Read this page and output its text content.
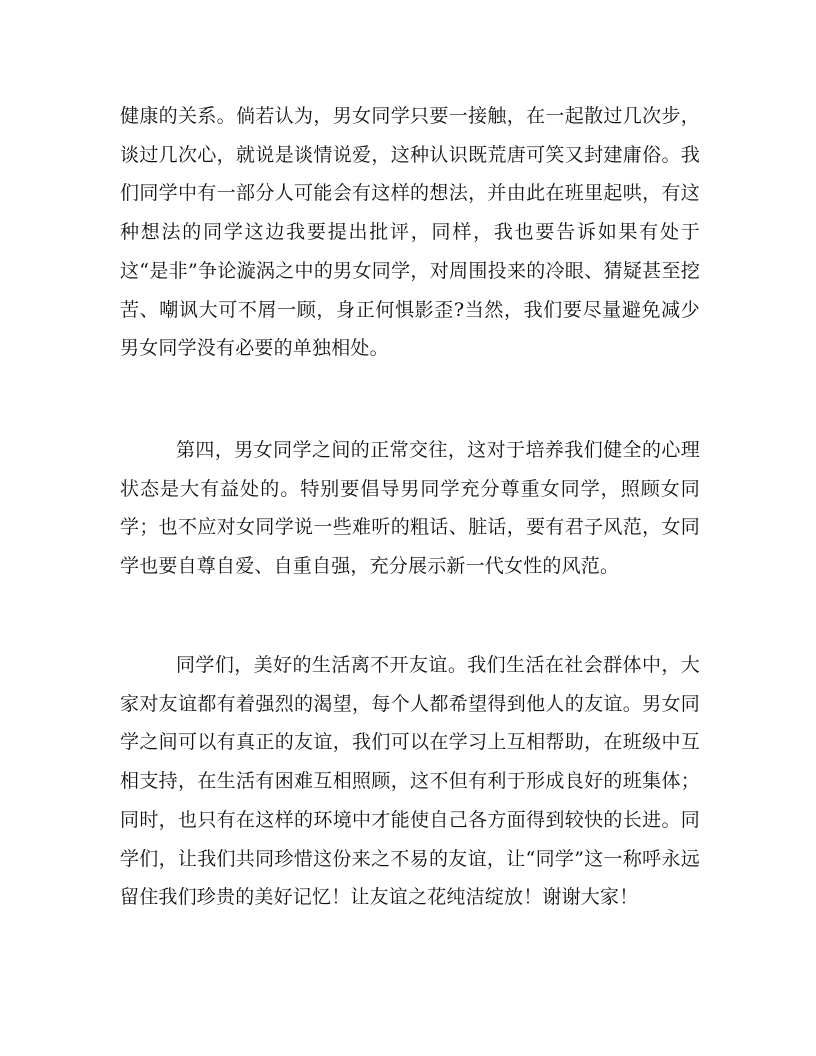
健康的关系。倘若认为，男女同学只要一接触，在一起散过几次步，谈过几次心，就说是谈情说爱，这种认识既荒唐可笑又封建庸俗。我们同学中有一部分人可能会有这样的想法，并由此在班里起哄，有这种想法的同学这边我要提出批评，同样，我也要告诉如果有处于这“是非”争论漩涡之中的男女同学，对周围投来的冷眼、猜疑甚至挖苦、嘲讽大可不屑一顾，身正何惧影歪?当然，我们要尽量避免减少男女同学没有必要的单独相处。

第四，男女同学之间的正常交往，这对于培养我们健全的心理状态是大有益处的。特别要倡导男同学充分尊重女同学，照顾女同学；也不应对女同学说一些难听的粗话、脏话，要有君子风范，女同学也要自尊自爱、自重自强，充分展示新一代女性的风范。

同学们，美好的生活离不开友谊。我们生活在社会群体中，大家对友谊都有着强烈的渴望，每个人都希望得到他人的友谊。男女同学之间可以有真正的友谊，我们可以在学习上互相帮助，在班级中互相支持，在生活有困难互相照顾，这不但有利于形成良好的班集体；同时，也只有在这样的环境中才能使自己各方面得到较快的长进。同学们，让我们共同珍惜这份来之不易的友谊，让“同学”这一称呼永远留住我们珍贵的美好记忆！让友谊之花纯洁绽放！谢谢大家！
